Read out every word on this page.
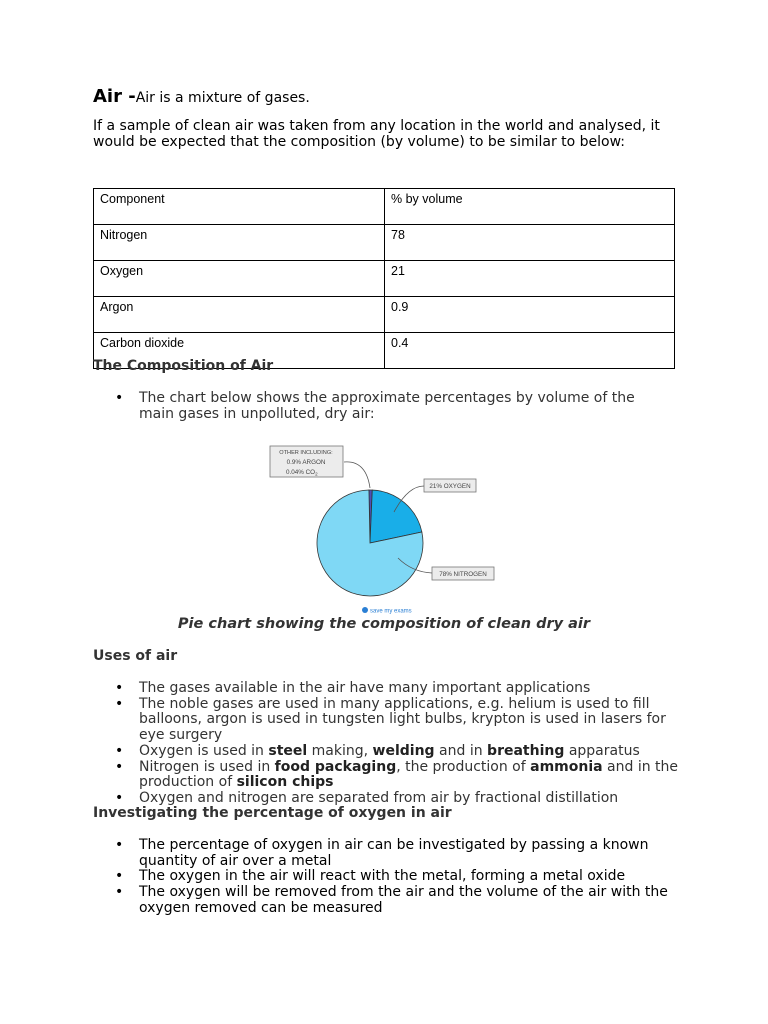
Air -Air is a mixture of gases.
If a sample of clean air was taken from any location in the world and analysed, it would be expected that the composition (by volume) to be similar to below:
Component	% by volume
Nitrogen	78
Oxygen	21
Argon	0.9
Carbon dioxide	0.4
The Composition of Air
• The chart below shows the approximate percentages by volume of the main gases in unpolluted, dry air:
OTHER INCLUDING:
0.9% ARGON
0.04% $CO_2$
21% OXYGEN
78% NITROGEN
save my exams
Pie chart showing the composition of clean dry air
Uses of air
• The gases available in the air have many important applications
• The noble gases are used in many applications, e.g. helium is used to fill balloons, argon is used in tungsten light bulbs, krypton is used in lasers for eye surgery
• Oxygen is used in steel making, welding and in breathing apparatus
• Nitrogen is used in food packaging, the production of ammonia and in the production of silicon chips
• Oxygen and nitrogen are separated from air by fractional distillation
Investigating the percentage of oxygen in air
• The percentage of oxygen in air can be investigated by passing a known quantity of air over a metal
• The oxygen in the air will react with the metal, forming a metal oxide
• The oxygen will be removed from the air and the volume of the air with the oxygen removed can be measured
